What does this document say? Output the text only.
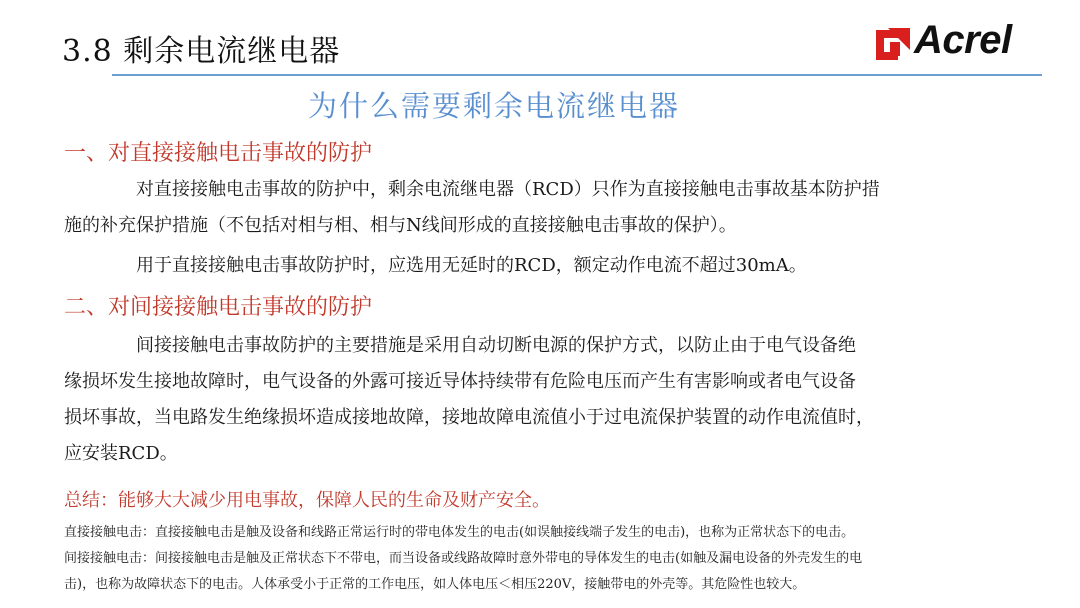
3.8 剩余电流继电器	Acrel
为什么需要剩余电流继电器
一、对直接接触电击事故的防护
对直接接触电击事故的防护中，剩余电流继电器（RCD）只作为直接接触电击事故基本防护措
施的补充保护措施（不包括对相与相、相与N线间形成的直接接触电击事故的保护）。
用于直接接触电击事故防护时，应选用无延时的RCD，额定动作电流不超过30mA。
二、对间接接触电击事故的防护
间接接触电击事故防护的主要措施是采用自动切断电源的保护方式，以防止由于电气设备绝
缘损坏发生接地故障时，电气设备的外露可接近导体持续带有危险电压而产生有害影响或者电气设备
损坏事故，当电路发生绝缘损坏造成接地故障，接地故障电流值小于过电流保护装置的动作电流值时，
应安装RCD。
总结：能够大大减少用电事故，保障人民的生命及财产安全。
直接接触电击：直接接触电击是触及设备和线路正常运行时的带电体发生的电击(如误触接线端子发生的电击)，也称为正常状态下的电击。
间接接触电击：间接接触电击是触及正常状态下不带电，而当设备或线路故障时意外带电的导体发生的电击(如触及漏电设备的外壳发生的电
击)，也称为故障状态下的电击。人体承受小于正常的工作电压，如人体电压＜相压220V，接触带电的外壳等。其危险性也较大。
